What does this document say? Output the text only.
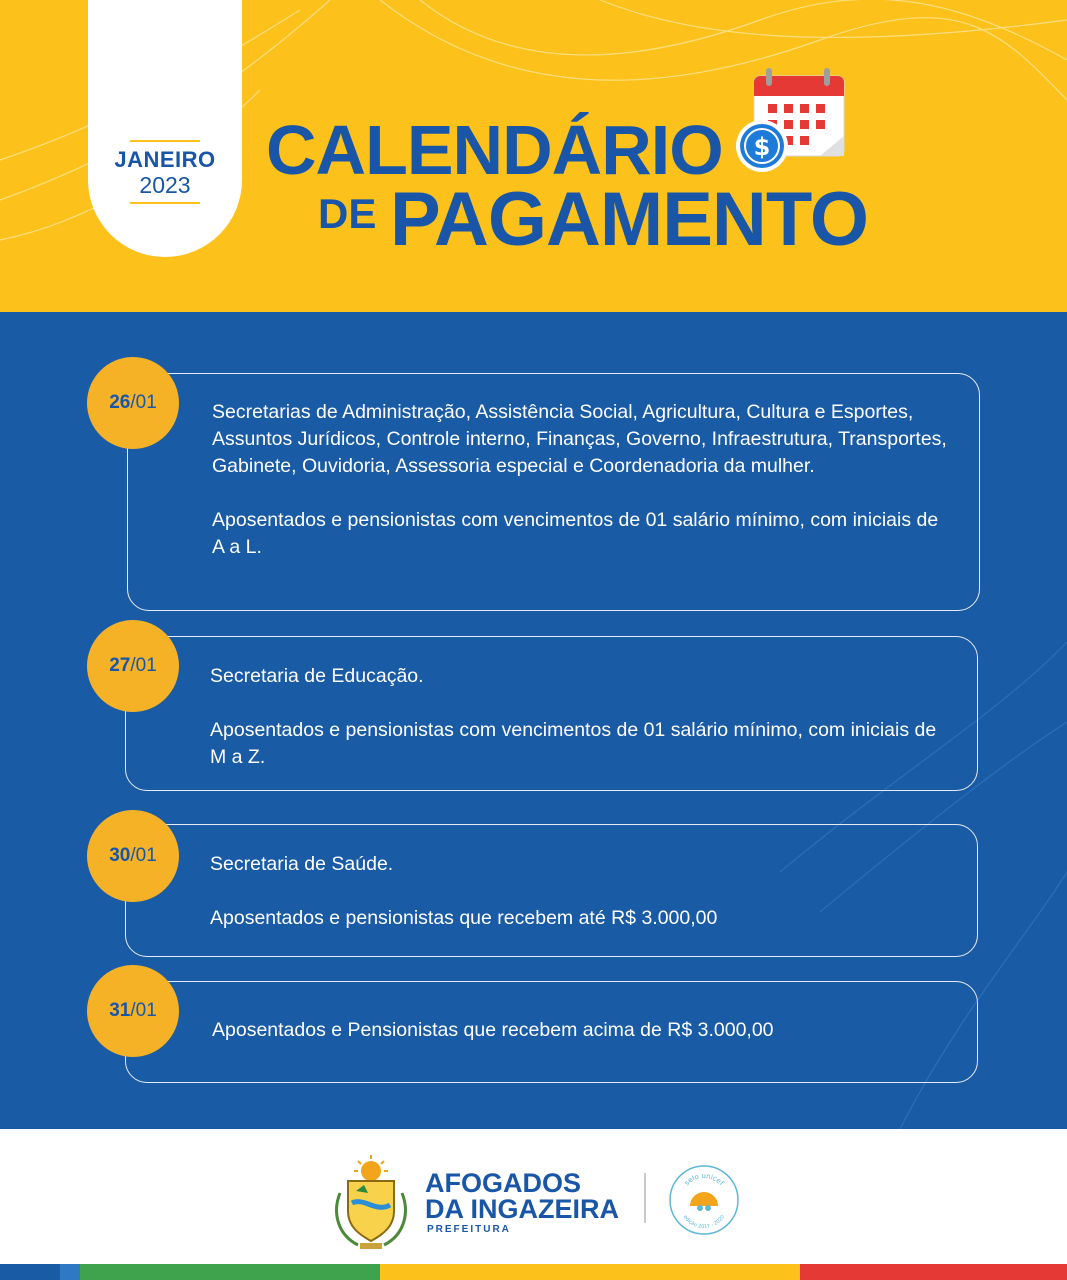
JANEIRO
2023	CALENDÁRIO
DE PAGAMENTO
$

Secretarias de Administração, Assistência Social, Agricultura, Cultura e Esportes, Assuntos Jurídicos, Controle interno, Finanças, Governo, Infraestrutura, Transportes, Gabinete, Ouvidoria, Assessoria especial e Coordenadoria da mulher.

Aposentados e pensionistas com vencimentos de 01 salário mínimo, com iniciais de A a L.

26 /01

Secretaria de Educação.

Aposentados e pensionistas com vencimentos de 01 salário mínimo, com iniciais de M a Z.

27 /01

Secretaria de Saúde.

Aposentados e pensionistas que recebem até R$ 3.000,00

30 /01

Aposentados e Pensionistas que recebem acima de R$ 3.000,00

31 /01
AFOGADOS
DA INGAZEIRA
PREFEITURA
selo unicef
edição 2017 - 2020
